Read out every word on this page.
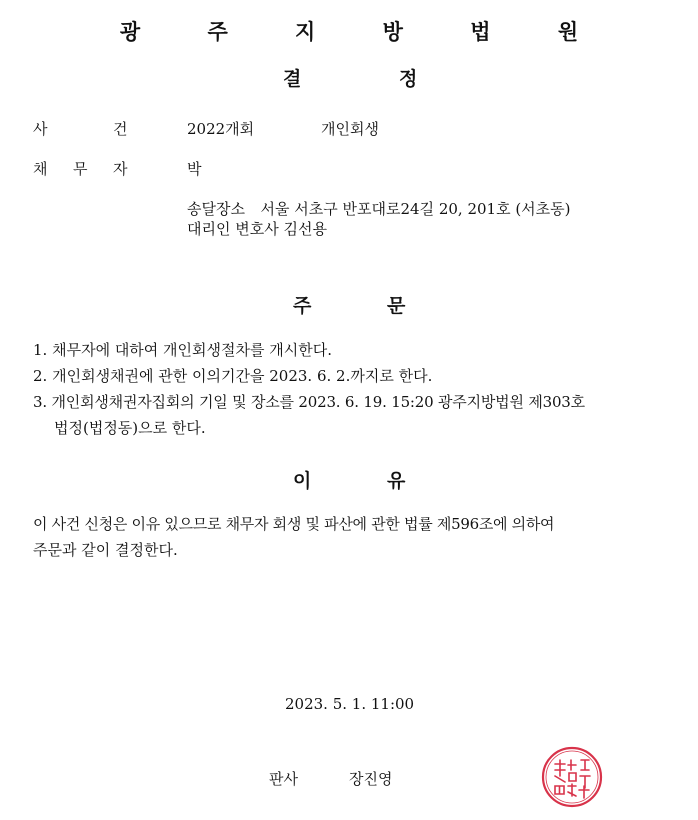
광 주 지 방 법 원
결	정
사	건	2022개회	개인회생
채 무 자	박
송달장소 서울 서초구 반포대로24길 20, 201호 (서초동)
대리인 변호사 김선용
주	문
1. 채무자에 대하여 개인회생절차를 개시한다.
2. 개인회생채권에 관한 이의기간을 2023. 6. 2.까지로 한다.
3. 개인회생채권자집회의 기일 및 장소를 2023. 6. 19. 15:20 광주지방법원 제303호
법정(법정동)으로 한다.
이	유
이 사건 신청은 이유 있으므로 채무자 회생 및 파산에 관한 법률 제596조에 의하여
주문과 같이 결정한다.
2023. 5. 1. 11:00
판사	장진영
